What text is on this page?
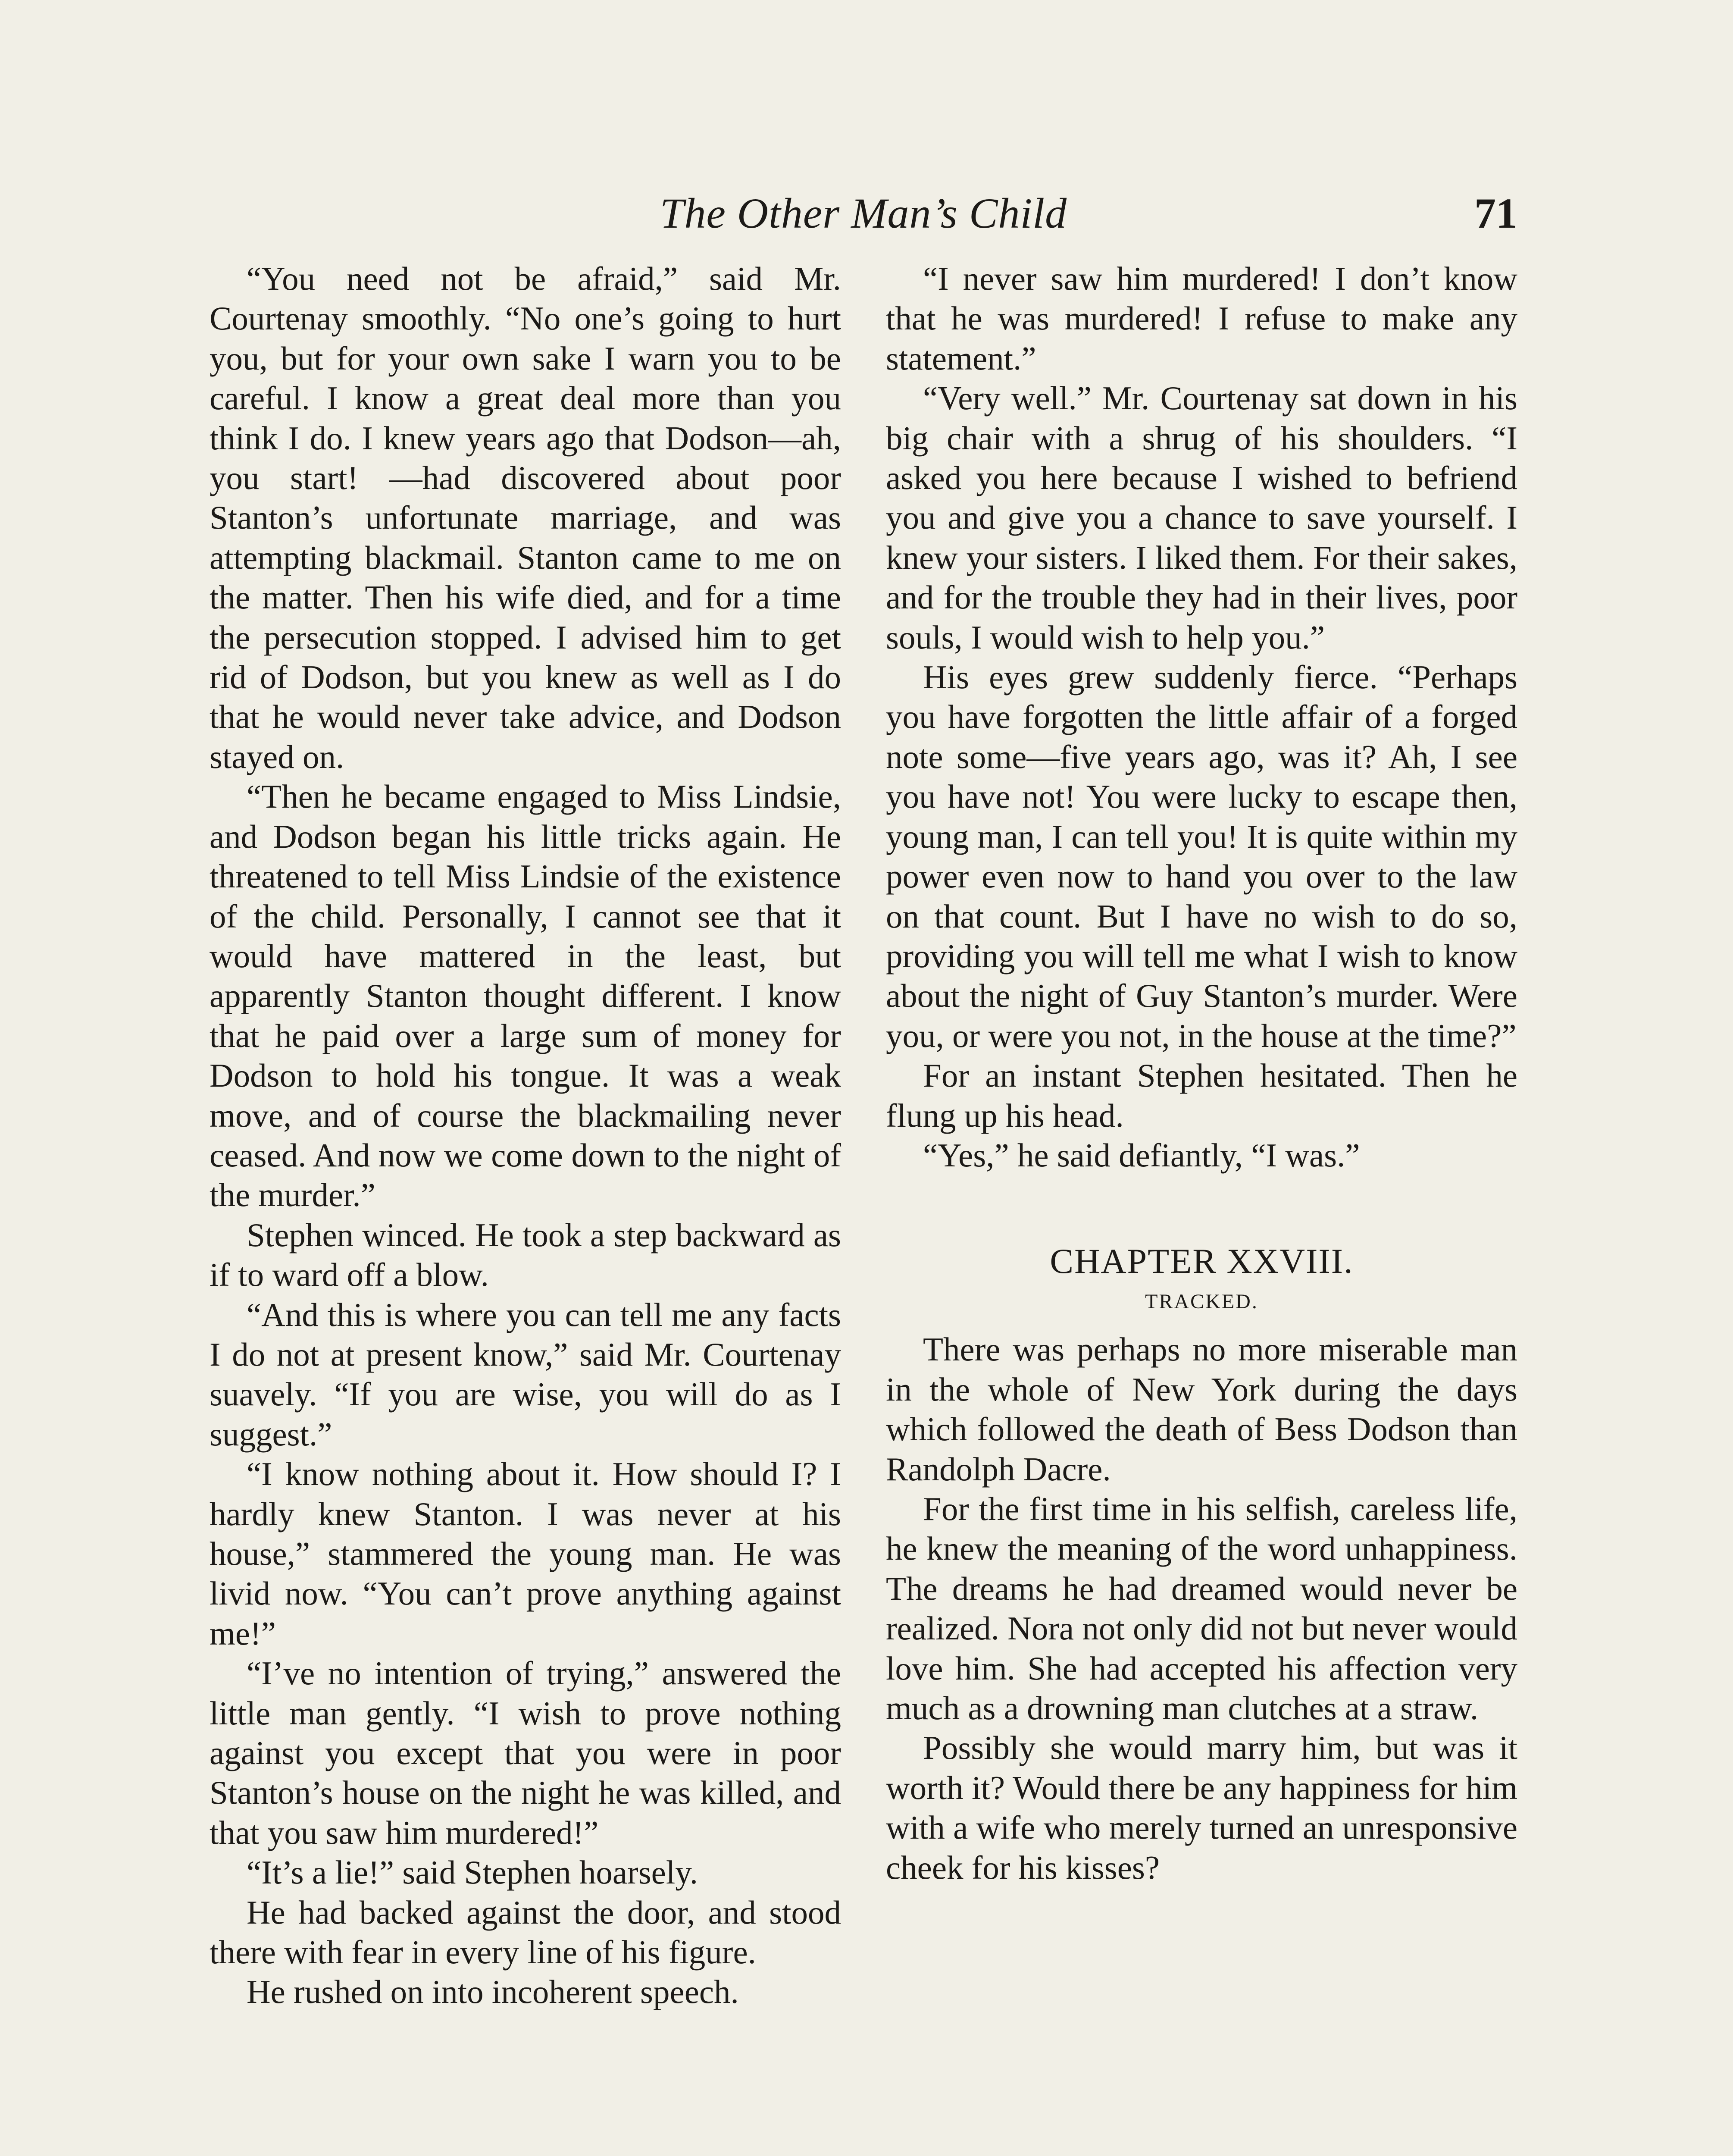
The Other Man’s Child	71

“You need not be afraid,” said Mr. Courtenay smoothly. “No one’s going to hurt you, but for your own sake I warn you to be careful. I know a great deal more than you think I do. I knew years ago that Dodson—ah, you start! —had discovered about poor Stanton’s unfortunate marriage, and was attempting blackmail. Stanton came to me on the matter. Then his wife died, and for a time the persecution stopped. I advised him to get rid of Dodson, but you knew as well as I do that he would never take advice, and Dodson stayed on.

“Then he became engaged to Miss Lindsie, and Dodson began his little tricks again. He threatened to tell Miss Lindsie of the existence of the child. Personally, I cannot see that it would have mattered in the least, but apparently Stanton thought different. I know that he paid over a large sum of money for Dodson to hold his tongue. It was a weak move, and of course the blackmailing never ceased. And now we come down to the night of the murder.”

Stephen winced. He took a step backward as if to ward off a blow.

“And this is where you can tell me any facts I do not at present know,” said Mr. Courtenay suavely. “If you are wise, you will do as I suggest.”

“I know nothing about it. How should I? I hardly knew Stanton. I was never at his house,” stammered the young man. He was livid now. “You can’t prove anything against me!”

“I’ve no intention of trying,” answered the little man gently. “I wish to prove nothing against you except that you were in poor Stanton’s house on the night he was killed, and that you saw him murdered!”

“It’s a lie!” said Stephen hoarsely.

He had backed against the door, and stood there with fear in every line of his figure.

He rushed on into incoherent speech.

“I never saw him murdered! I don’t know that he was murdered! I refuse to make any statement.”

“Very well.” Mr. Courtenay sat down in his big chair with a shrug of his shoulders. “I asked you here because I wished to befriend you and give you a chance to save yourself. I knew your sisters. I liked them. For their sakes, and for the trouble they had in their lives, poor souls, I would wish to help you.”

His eyes grew suddenly fierce. “Perhaps you have forgotten the little affair of a forged note some—five years ago, was it? Ah, I see you have not! You were lucky to escape then, young man, I can tell you! It is quite within my power even now to hand you over to the law on that count. But I have no wish to do so, providing you will tell me what I wish to know about the night of Guy Stanton’s murder. Were you, or were you not, in the house at the time?”

For an instant Stephen hesitated. Then he flung up his head.

“Yes,” he said defiantly, “I was.”

CHAPTER XXVIII.
TRACKED.

There was perhaps no more miserable man in the whole of New York during the days which followed the death of Bess Dodson than Randolph Dacre.

For the first time in his selfish, careless life, he knew the meaning of the word unhappiness. The dreams he had dreamed would never be realized. Nora not only did not but never would love him. She had accepted his affection very much as a drowning man clutches at a straw.

Possibly she would marry him, but was it worth it? Would there be any happiness for him with a wife who merely turned an unresponsive cheek for his kisses?
